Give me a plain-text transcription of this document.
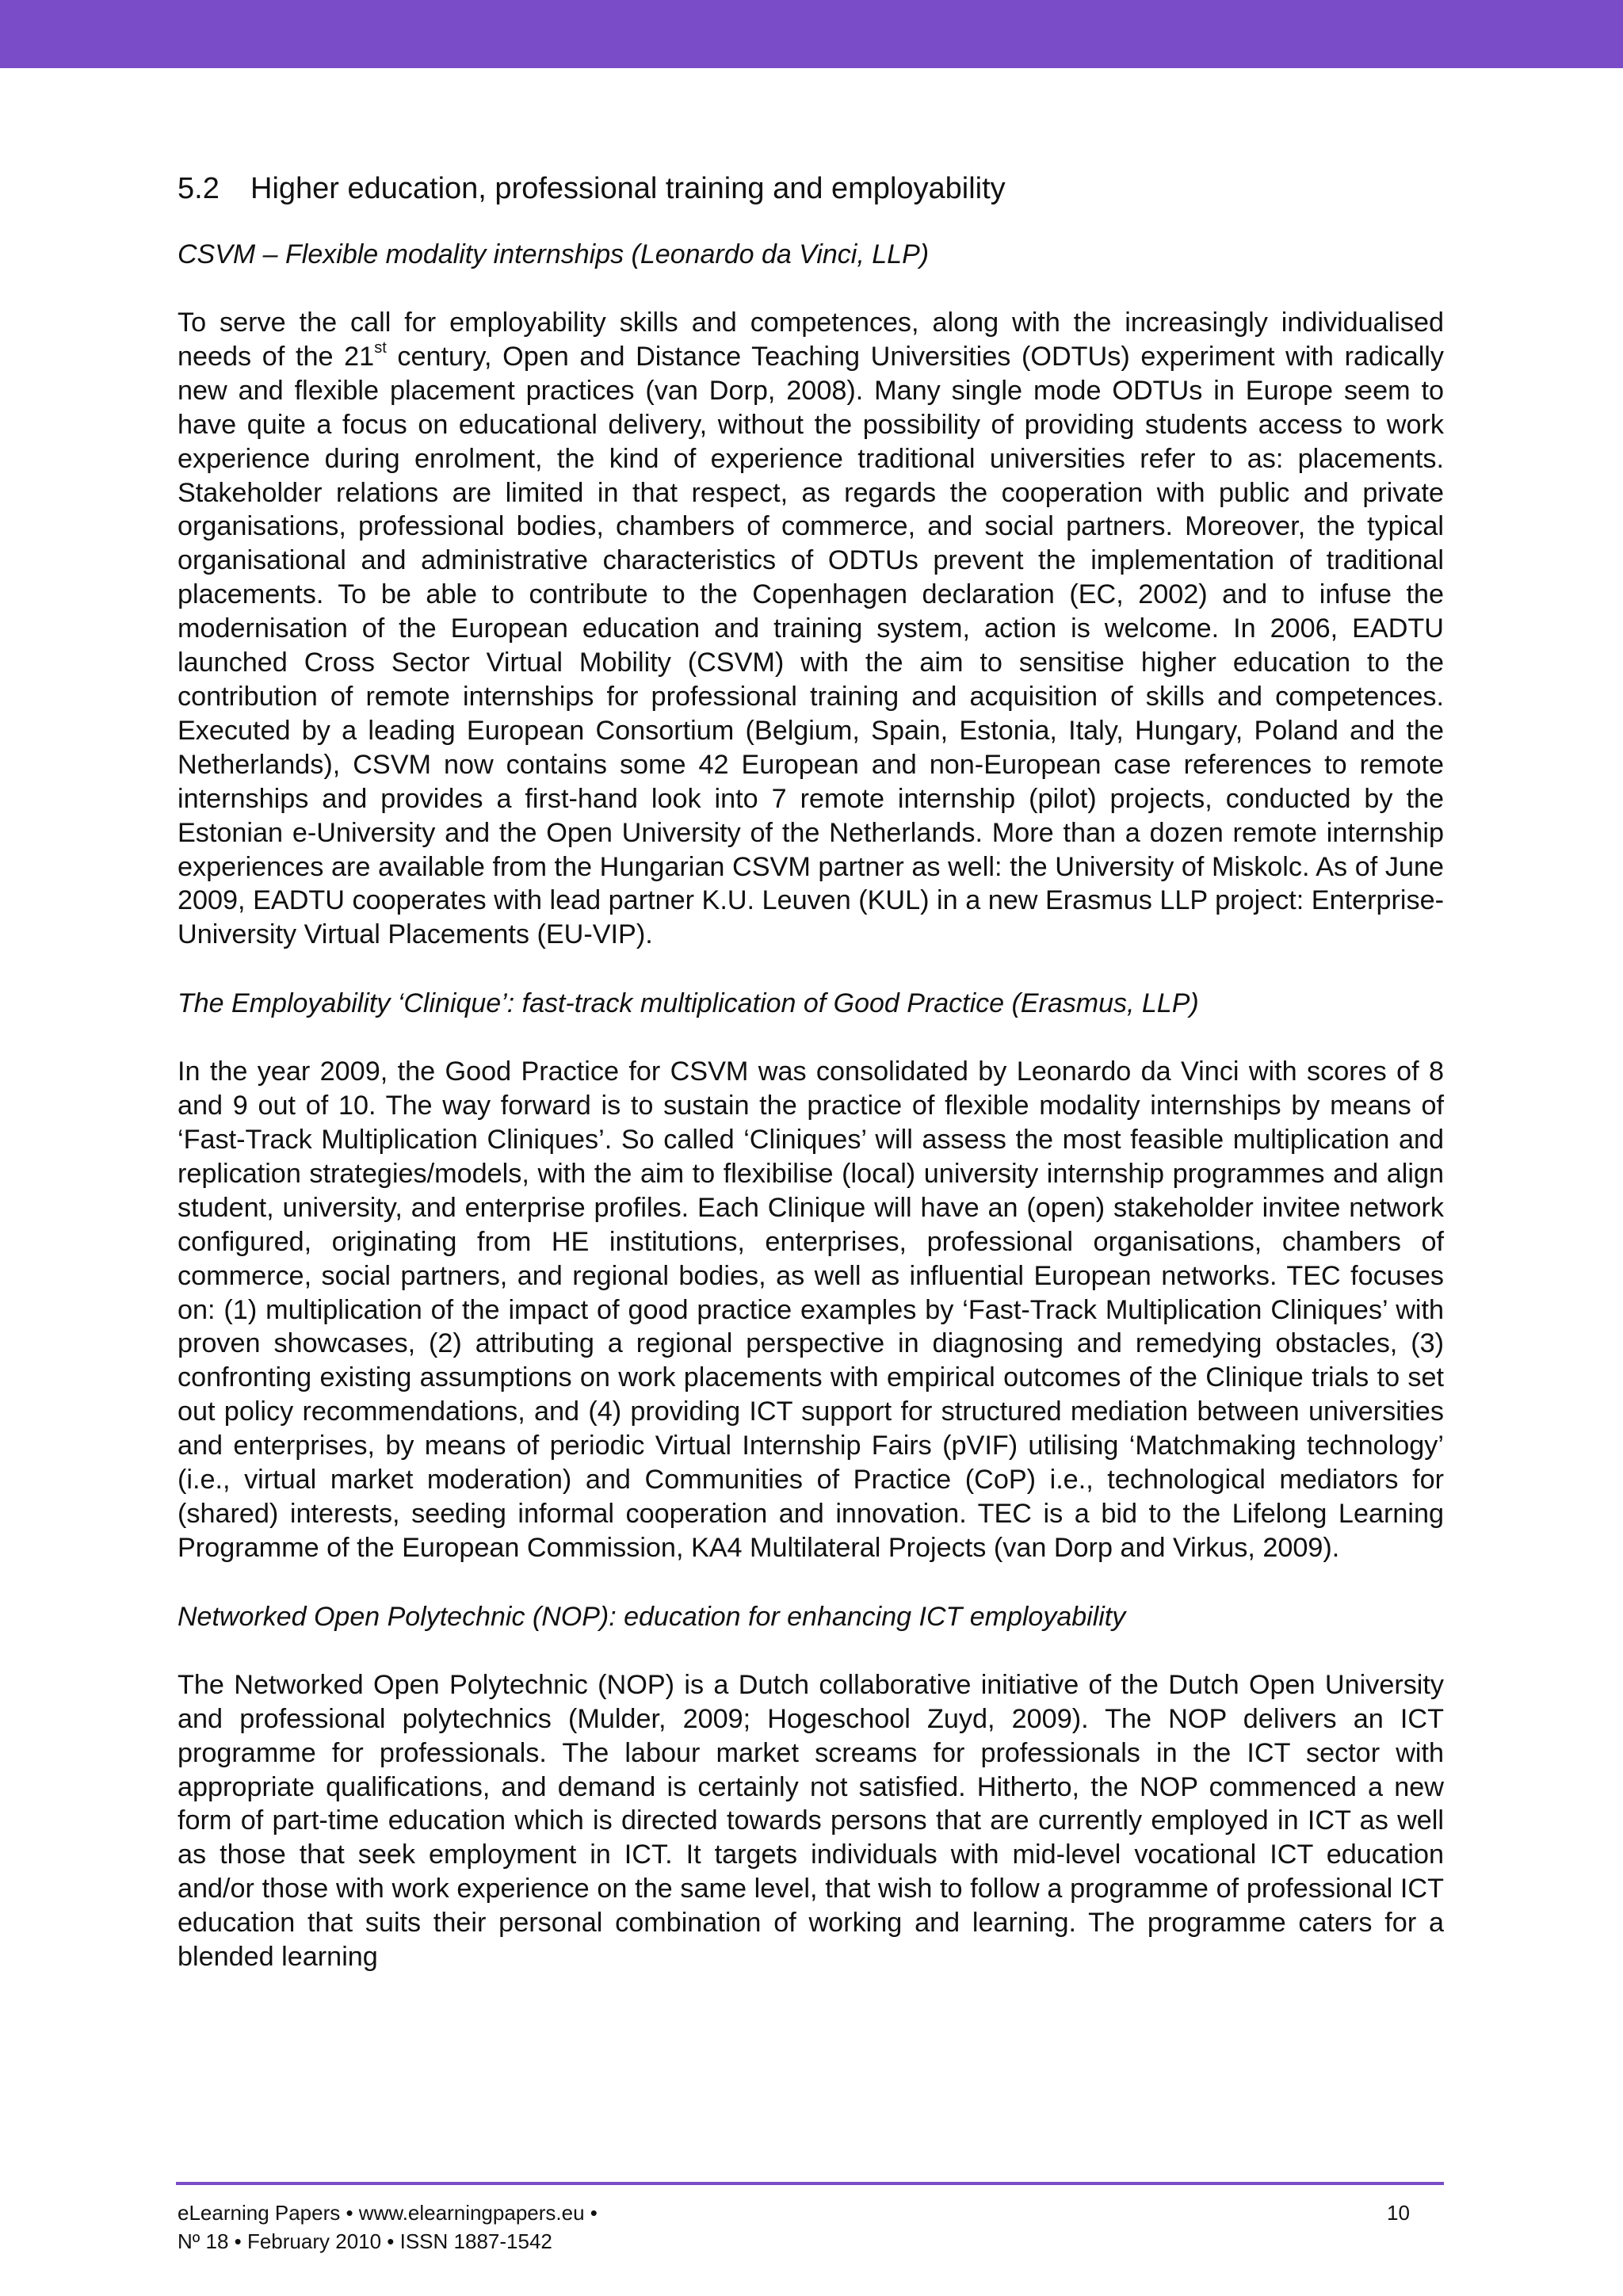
5.2	Higher education, professional training and employability
CSVM – Flexible modality internships (Leonardo da Vinci, LLP)

To serve the call for employability skills and competences, along with the increasingly individualised needs of the 21st century, Open and Distance Teaching Universities (ODTUs) experiment with radically new and flexible placement practices (van Dorp, 2008). Many single mode ODTUs in Europe seem to have quite a focus on educational delivery, without the possibility of providing students access to work experience during enrolment, the kind of experience traditional universities refer to as: placements. Stakeholder relations are limited in that respect, as regards the cooperation with public and private organisations, professional bodies, chambers of commerce, and social partners. Moreover, the typical organisational and administrative characteristics of ODTUs prevent the implementation of traditional placements. To be able to contribute to the Copenhagen declaration (EC, 2002) and to infuse the modernisation of the European education and training system, action is welcome. In 2006, EADTU launched Cross Sector Virtual Mobility (CSVM) with the aim to sensitise higher education to the contribution of remote internships for professional training and acquisition of skills and competences. Executed by a leading European Consortium (Belgium, Spain, Estonia, Italy, Hungary, Poland and the Netherlands), CSVM now contains some 42 European and non-European case references to remote internships and provides a first-hand look into 7 remote internship (pilot) projects, conducted by the Estonian e-University and the Open University of the Netherlands. More than a dozen remote internship experiences are available from the Hungarian CSVM partner as well: the University of Miskolc. As of June 2009, EADTU cooperates with lead partner K.U. Leuven (KUL) in a new Erasmus LLP project: Enterprise-University Virtual Placements (EU-VIP).

The Employability ‘Clinique’: fast-track multiplication of Good Practice (Erasmus, LLP)

In the year 2009, the Good Practice for CSVM was consolidated by Leonardo da Vinci with scores of 8 and 9 out of 10. The way forward is to sustain the practice of flexible modality internships by means of ‘Fast-Track Multiplication Cliniques’. So called ‘Cliniques’ will assess the most feasible multiplication and replication strategies/models, with the aim to flexibilise (local) university internship programmes and align student, university, and enterprise profiles. Each Clinique will have an (open) stakeholder invitee network configured, originating from HE institutions, enterprises, professional organisations, chambers of commerce, social partners, and regional bodies, as well as influential European networks. TEC focuses on: (1) multiplication of the impact of good practice examples by ‘Fast-Track Multiplication Cliniques’ with proven showcases, (2) attributing a regional perspective in diagnosing and remedying obstacles, (3) confronting existing assumptions on work placements with empirical outcomes of the Clinique trials to set out policy recommendations, and (4) providing ICT support for structured mediation between universities and enterprises, by means of periodic Virtual Internship Fairs (pVIF) utilising ‘Matchmaking technology’ (i.e., virtual market moderation) and Communities of Practice (CoP) i.e., technological mediators for (shared) interests, seeding informal cooperation and innovation. TEC is a bid to the Lifelong Learning Programme of the European Commission, KA4 Multilateral Projects (van Dorp and Virkus, 2009).

Networked Open Polytechnic (NOP): education for enhancing ICT employability

The Networked Open Polytechnic (NOP) is a Dutch collaborative initiative of the Dutch Open University and professional polytechnics (Mulder, 2009; Hogeschool Zuyd, 2009). The NOP delivers an ICT programme for professionals. The labour market screams for professionals in the ICT sector with appropriate qualifications, and demand is certainly not satisfied. Hitherto, the NOP commenced a new form of part-time education which is directed towards persons that are currently employed in ICT as well as those that seek employment in ICT. It targets individuals with mid-level vocational ICT education and/or those with work experience on the same level, that wish to follow a programme of professional ICT education that suits their personal combination of working and learning. The programme caters for a blended learning

eLearning Papers • www.elearningpapers.eu •
Nº 18 • February 2010 • ISSN 1887-1542
10
